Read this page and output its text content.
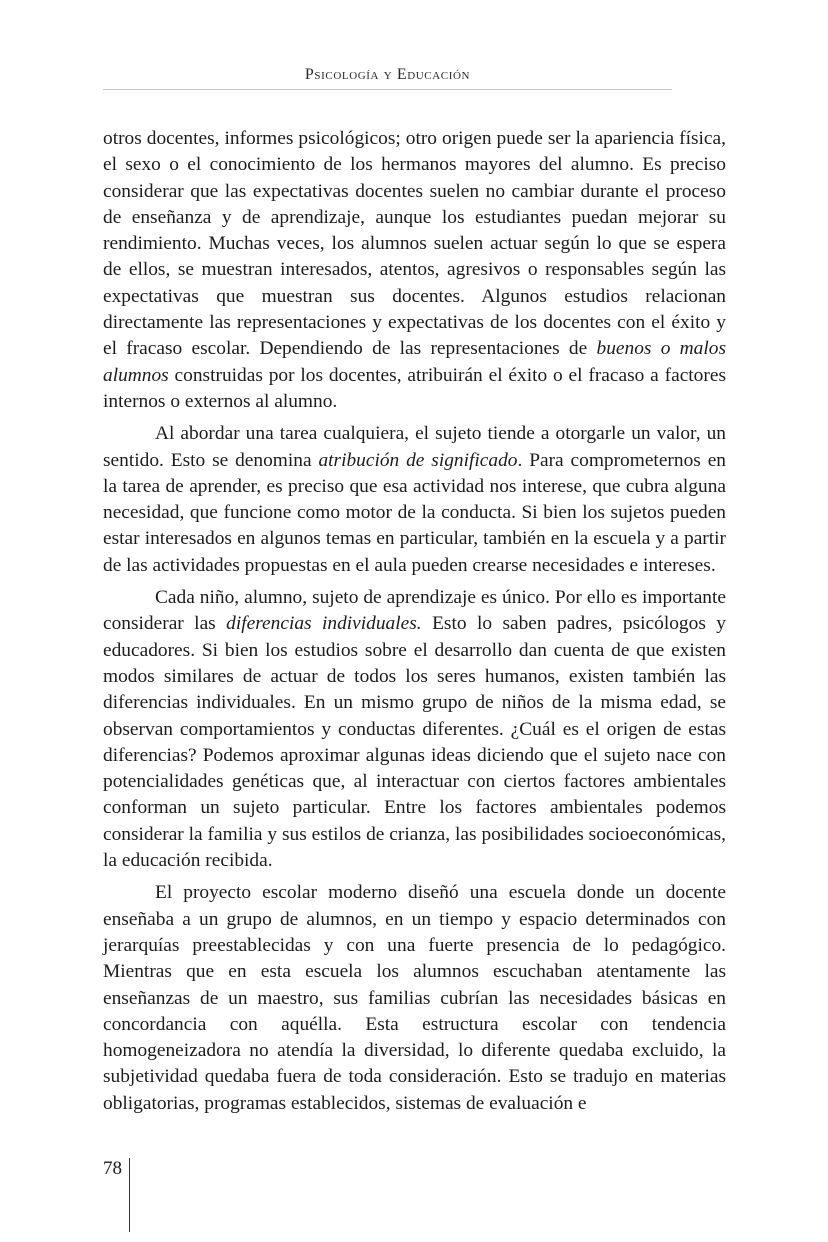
Psicología y Educación

otros docentes, informes psicológicos; otro origen puede ser la apariencia física, el sexo o el conocimiento de los hermanos mayores del alumno. Es preciso considerar que las expectativas docentes suelen no cambiar durante el proceso de enseñanza y de aprendizaje, aunque los estudiantes puedan mejorar su rendimiento. Muchas veces, los alumnos suelen actuar según lo que se espera de ellos, se muestran interesados, atentos, agresivos o responsables según las expectativas que muestran sus docentes. Algunos estudios relacionan directamente las representaciones y expectativas de los docentes con el éxito y el fracaso escolar. Dependiendo de las representaciones de buenos o malos alumnos construidas por los docentes, atribuirán el éxito o el fracaso a factores internos o externos al alumno.

Al abordar una tarea cualquiera, el sujeto tiende a otorgarle un valor, un sentido. Esto se denomina atribución de significado. Para comprometernos en la tarea de aprender, es preciso que esa actividad nos interese, que cubra alguna necesidad, que funcione como motor de la conducta. Si bien los sujetos pueden estar interesados en algunos temas en particular, también en la escuela y a partir de las actividades propuestas en el aula pueden crearse necesidades e intereses.

Cada niño, alumno, sujeto de aprendizaje es único. Por ello es importante considerar las diferencias individuales. Esto lo saben padres, psicólogos y educadores. Si bien los estudios sobre el desarrollo dan cuenta de que existen modos similares de actuar de todos los seres humanos, existen también las diferencias individuales. En un mismo grupo de niños de la misma edad, se observan comportamientos y conductas diferentes. ¿Cuál es el origen de estas diferencias? Podemos aproximar algunas ideas diciendo que el sujeto nace con potencialidades genéticas que, al interactuar con ciertos factores ambientales conforman un sujeto particular. Entre los factores ambientales podemos considerar la familia y sus estilos de crianza, las posibilidades socioeconómicas, la educación recibida.

El proyecto escolar moderno diseñó una escuela donde un docente enseñaba a un grupo de alumnos, en un tiempo y espacio determinados con jerarquías preestablecidas y con una fuerte presencia de lo pedagógico. Mientras que en esta escuela los alumnos escuchaban atentamente las enseñanzas de un maestro, sus familias cubrían las necesidades básicas en concordancia con aquélla. Esta estructura escolar con tendencia homogeneizadora no atendía la diversidad, lo diferente quedaba excluido, la subjetividad quedaba fuera de toda consideración. Esto se tradujo en materias obligatorias, programas establecidos, sistemas de evaluación e

78
